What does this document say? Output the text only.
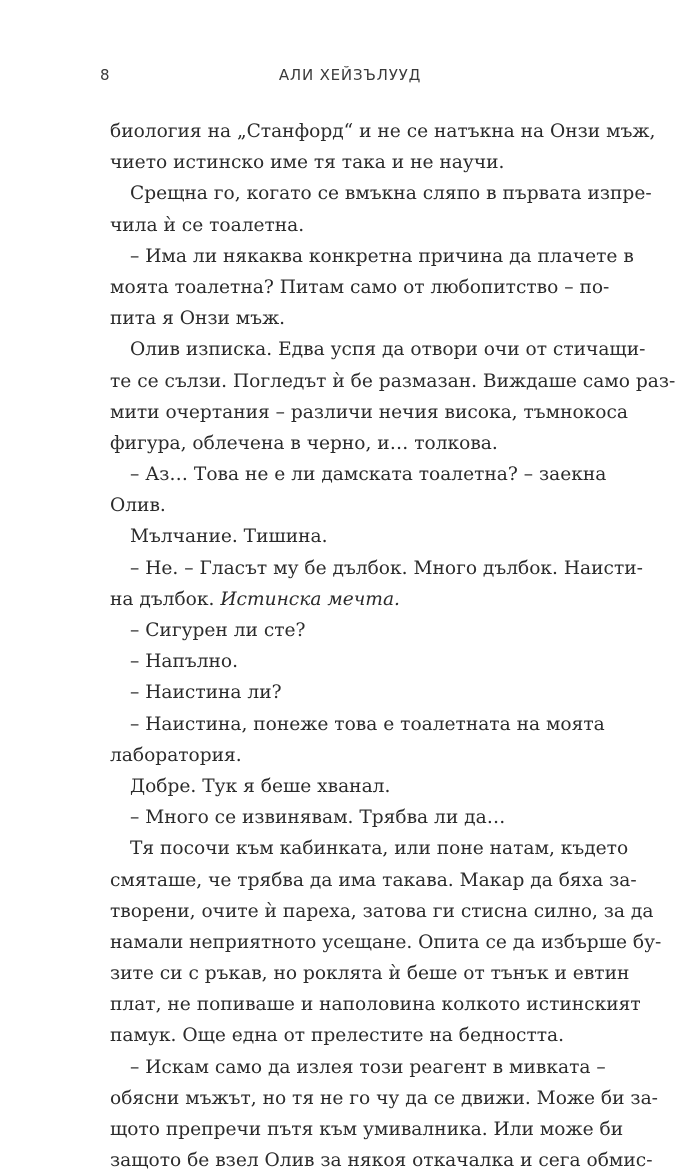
8	АЛИ ХЕЙЗЪЛУУД
биология на „Станфорд“ и не се натъкна на Онзи мъж,
чието истинско име тя така и не научи.
Срещна го, когато се вмъкна сляпо в първата изпре-
чила ѝ се тоалетна.
– Има ли някаква конкретна причина да плачете в
моята тоалетна? Питам само от любопитство – по-
пита я Онзи мъж.
Олив изписка. Едва успя да отвори очи от стичащи-
те се сълзи. Погледът ѝ бе размазан. Виждаше само раз-
мити очертания – различи нечия висока, тъмнокоса
фигура, облечена в черно, и… толкова.
– Аз… Това не е ли дамската тоалетна? – заекна
Олив.
Мълчание. Тишина.
– Не. – Гласът му бе дълбок. Много дълбок. Наисти-
на дълбок. Истинска мечта.
– Сигурен ли сте?
– Напълно.
– Наистина ли?
– Наистина, понеже това е тоалетната на моята
лаборатория.
Добре. Тук я беше хванал.
– Много се извинявам. Трябва ли да…
Тя посочи към кабинката, или поне натам, където
смяташе, че трябва да има такава. Макар да бяха за-
творени, очите ѝ пареха, затова ги стисна силно, за да
намали неприятното усещане. Опита се да избърше бу-
зите си с ръкав, но роклята ѝ беше от тънък и евтин
плат, не попиваше и наполовина колкото истинският
памук. Още една от прелестите на бедността.
– Искам само да излея този реагент в мивката –
обясни мъжът, но тя не го чу да се движи. Може би за-
щото препречи пътя към умивалника. Или може би
защото бе взел Олив за някоя откачалка и сега обмис-
